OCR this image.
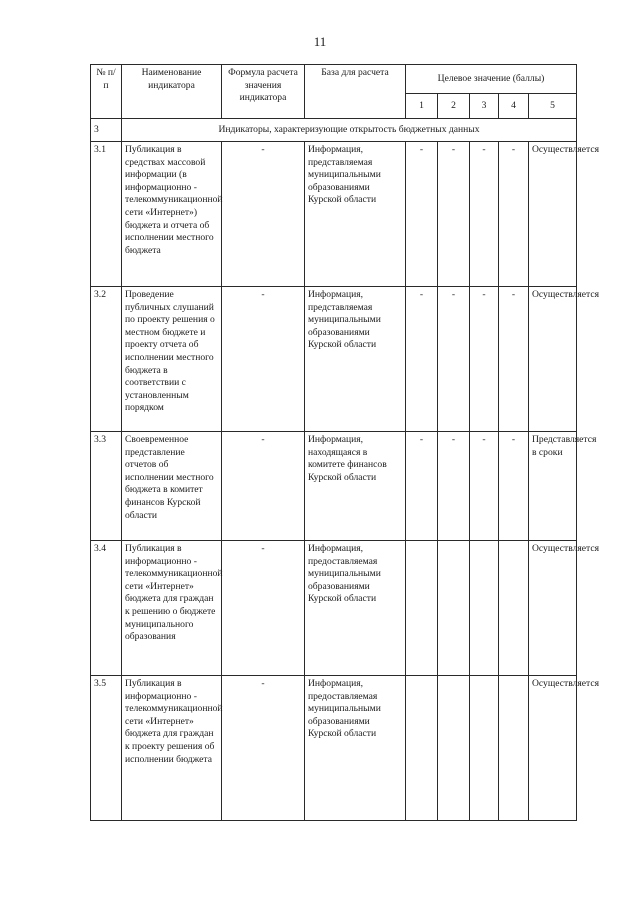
11
№ п/п	Наименование индикатора	Формула расчета значения индикатора	База для расчета	Целевое значение (баллы)				
				1	2	3	4	5
3	Индикаторы, характеризующие открытость бюджетных данных							
3.1	Публикация в средствах массовой информации (в информационно - телекоммуникационной сети «Интернет») бюджета и отчета об исполнении местного бюджета	-	Информация, представляемая муниципальными образованиями Курской области	-	-	-	-	Осуществляется
3.2	Проведение публичных слушаний по проекту решения о местном бюджете и проекту отчета об исполнении местного бюджета в соответствии с установленным порядком	-	Информация, представляемая муниципальными образованиями Курской области	-	-	-	-	Осуществляется
3.3	Своевременное представление отчетов об исполнении местного бюджета в комитет финансов Курской области	-	Информация, находящаяся в комитете финансов Курской области	-	-	-	-	Представляется в сроки
3.4	Публикация в информационно - телекоммуникационной сети «Интернет» бюджета для граждан к решению о бюджете муниципального образования	-	Информация, предоставляемая муниципальными образованиями Курской области					Осуществляется
3.5	Публикация в информационно - телекоммуникационной сети «Интернет» бюджета для граждан к проекту решения об исполнении бюджета	-	Информация, предоставляемая муниципальными образованиями Курской области					Осуществляется
